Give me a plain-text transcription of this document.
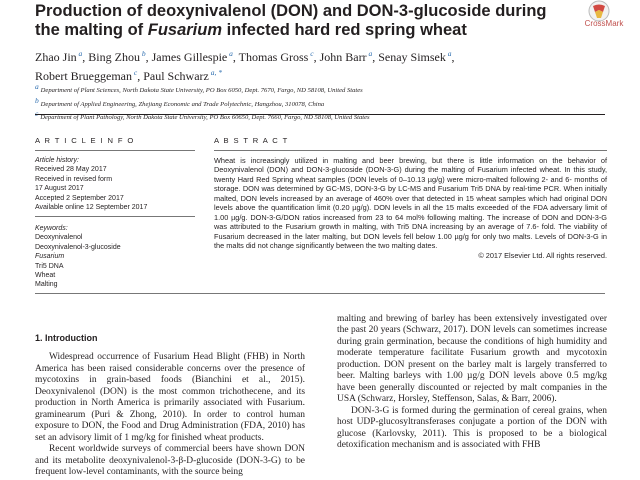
Production of deoxynivalenol (DON) and DON-3-glucoside during
the malting of Fusarium infected hard red spring wheat	CrossMark
Zhao Jin $^a$, Bing Zhou $^b$, James Gillespie $^a$, Thomas Gross $^c$, John Barr $^a$, Senay Simsek $^a$,
Robert Brueggeman $^c$, Paul Schwarz $^{a, *}$
$^a$ Department of Plant Sciences, North Dakota State University, PO Box 6050, Dept. 7670, Fargo, ND 58108, United States
$^b$ Department of Applied Engineering, Zhejiang Economic and Trade Polytechnic, Hangzhou, 310078, China
$^c$ Department of Plant Pathology, North Dakota State University, PO Box 60650, Dept. 7660, Fargo, ND 58108, United States
A R T I C L E I N F O	A B S T R A C T
Article history:
Received 28 May 2017
Received in revised form
17 August 2017
Accepted 2 September 2017
Available online 12 September 2017
Keywords:
Deoxynivalenol
Deoxynivalenol-3-glucoside
Fusarium
Tri5 DNA
Wheat
Malting
Wheat is increasingly utilized in malting and beer brewing, but there is little information on the behavior of Deoxynivalenol (DON) and DON-3-glucoside (DON-3-G) during the malting of Fusarium infected wheat. In this study, twenty Hard Red Spring wheat samples (DON levels of 0–10.13 µg/g) were micro-malted following 2- and 6- months of storage. DON was determined by GC-MS, DON-3-G by LC-MS and Fusarium Tri5 DNA by real-time PCR. When initially malted, DON levels increased by an average of 460% over that detected in 15 wheat samples which had original DON levels above the quantification limit (0.20 µg/g). DON levels in all the 15 malts exceeded of the FDA adversary limit of 1.00 µg/g. DON-3-G/DON ratios increased from 23 to 64 mol% following malting. The increase of DON and DON-3-G was attributed to the Fusarium growth in malting, with Tri5 DNA increasing by an average of 7.6- fold. The viability of Fusarium decreased in the later malting, but DON levels fell below 1.00 µg/g for only two malts. Levels of DON-3-G in the malts did not change significantly between the two malting dates.
© 2017 Elsevier Ltd. All rights reserved.
1. Introduction

Widespread occurrence of Fusarium Head Blight (FHB) in North America has been raised considerable concerns over the presence of mycotoxins in grain-based foods (Bianchini et al., 2015). Deoxynivalenol (DON) is the most common trichothecene, and its production in North America is primarily associated with Fusarium. graminearum (Puri & Zhong, 2010). In order to control human exposure to DON, the Food and Drug Administration (FDA, 2010) has set an advisory limit of 1 mg/kg for finished wheat products.

Recent worldwide surveys of commercial beers have shown DON and its metabolite deoxynivalenol-3-β-D-glucoside (DON-3-G) to be frequent low-level contaminants, with the source being

malting and brewing of barley has been extensively investigated over the past 20 years (Schwarz, 2017). DON levels can sometimes increase during grain germination, because the conditions of high humidity and moderate temperature facilitate Fusarium growth and mycotoxin production. DON present on the barley malt is largely transferred to beer. Malting barleys with 1.00 µg/g DON levels above 0.5 mg/kg have been generally discounted or rejected by malt companies in the USA (Schwarz, Horsley, Steffenson, Salas, & Barr, 2006).

DON-3-G is formed during the germination of cereal grains, when host UDP-glucosyltransferases conjugate a portion of the DON with glucose (Karlovsky, 2011). This is proposed to be a biological detoxification mechanism and is associated with FHB
